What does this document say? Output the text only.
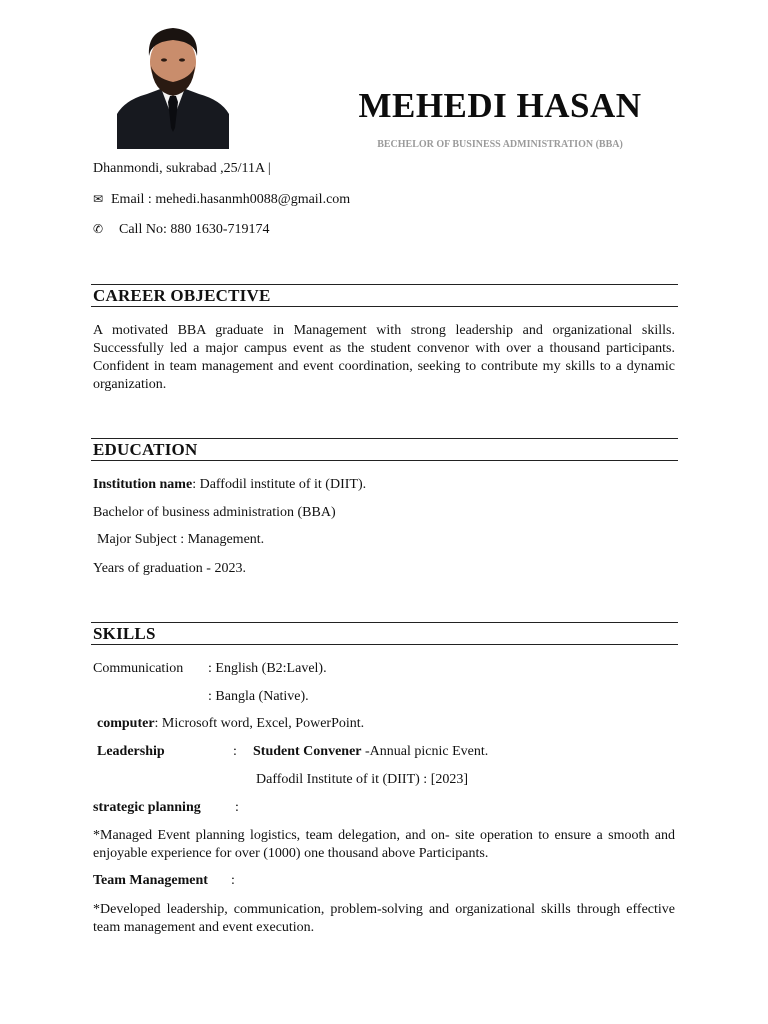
MEHEDI HASAN
BECHELOR OF BUSINESS ADMINISTRATION (BBA)
Dhanmondi, sukrabad ,25/11A |
✉ Email : mehedi.hasanmh0088@gmail.com
✆ Call No: 880 1630-719174
CAREER OBJECTIVE
A motivated BBA graduate in Management with strong leadership and organizational skills. Successfully led a major campus event as the student convenor with over a thousand participants. Confident in team management and event coordination, seeking to contribute my skills to a dynamic organization.
EDUCATION
Institution name: Daffodil institute of it (DIIT).
Bachelor of business administration (BBA)
Major Subject : Management.
Years of graduation - 2023.
SKILLS
Communication : English (B2:Lavel).
: Bangla (Native).
computer: Microsoft word, Excel, PowerPoint.
Leadership	: Student Convener -Annual picnic Event.
Daffodil Institute of it (DIIT) : [2023]
strategic planning :
*Managed Event planning logistics, team delegation, and on- site operation to ensure a smooth and enjoyable experience for over (1000) one thousand above Participants.
Team Management :
*Developed leadership, communication, problem-solving and organizational skills through effective team management and event execution.
